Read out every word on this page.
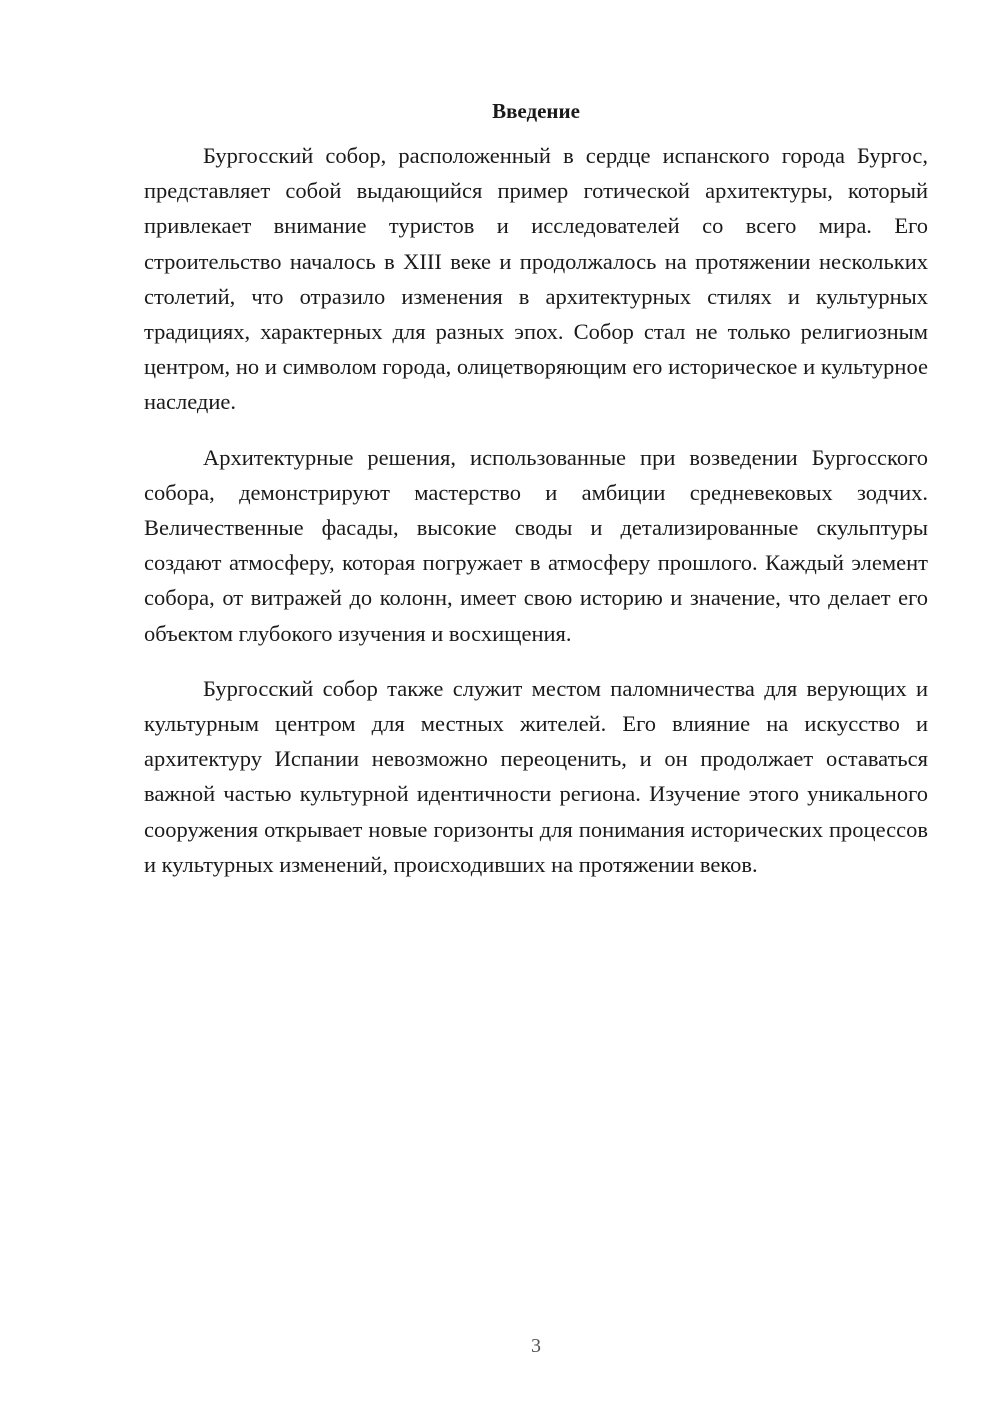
Введение

Бургосский собор, расположенный в сердце испанского города Бургос, представляет собой выдающийся пример готической архитектуры, который привлекает внимание туристов и исследователей со всего мира. Его строительство началось в XIII веке и продолжалось на протяжении нескольких столетий, что отразило изменения в архитектурных стилях и культурных традициях, характерных для разных эпох. Собор стал не только религиозным центром, но и символом города, олицетворяющим его историческое и культурное наследие.

Архитектурные решения, использованные при возведении Бургосского собора, демонстрируют мастерство и амбиции средневековых зодчих. Величественные фасады, высокие своды и детализированные скульптуры создают атмосферу, которая погружает в атмосферу прошлого. Каждый элемент собора, от витражей до колонн, имеет свою историю и значение, что делает его объектом глубокого изучения и восхищения.

Бургосский собор также служит местом паломничества для верующих и культурным центром для местных жителей. Его влияние на искусство и архитектуру Испании невозможно переоценить, и он продолжает оставаться важной частью культурной идентичности региона. Изучение этого уникального сооружения открывает новые горизонты для понимания исторических процессов и культурных изменений, происходивших на протяжении веков.

3
